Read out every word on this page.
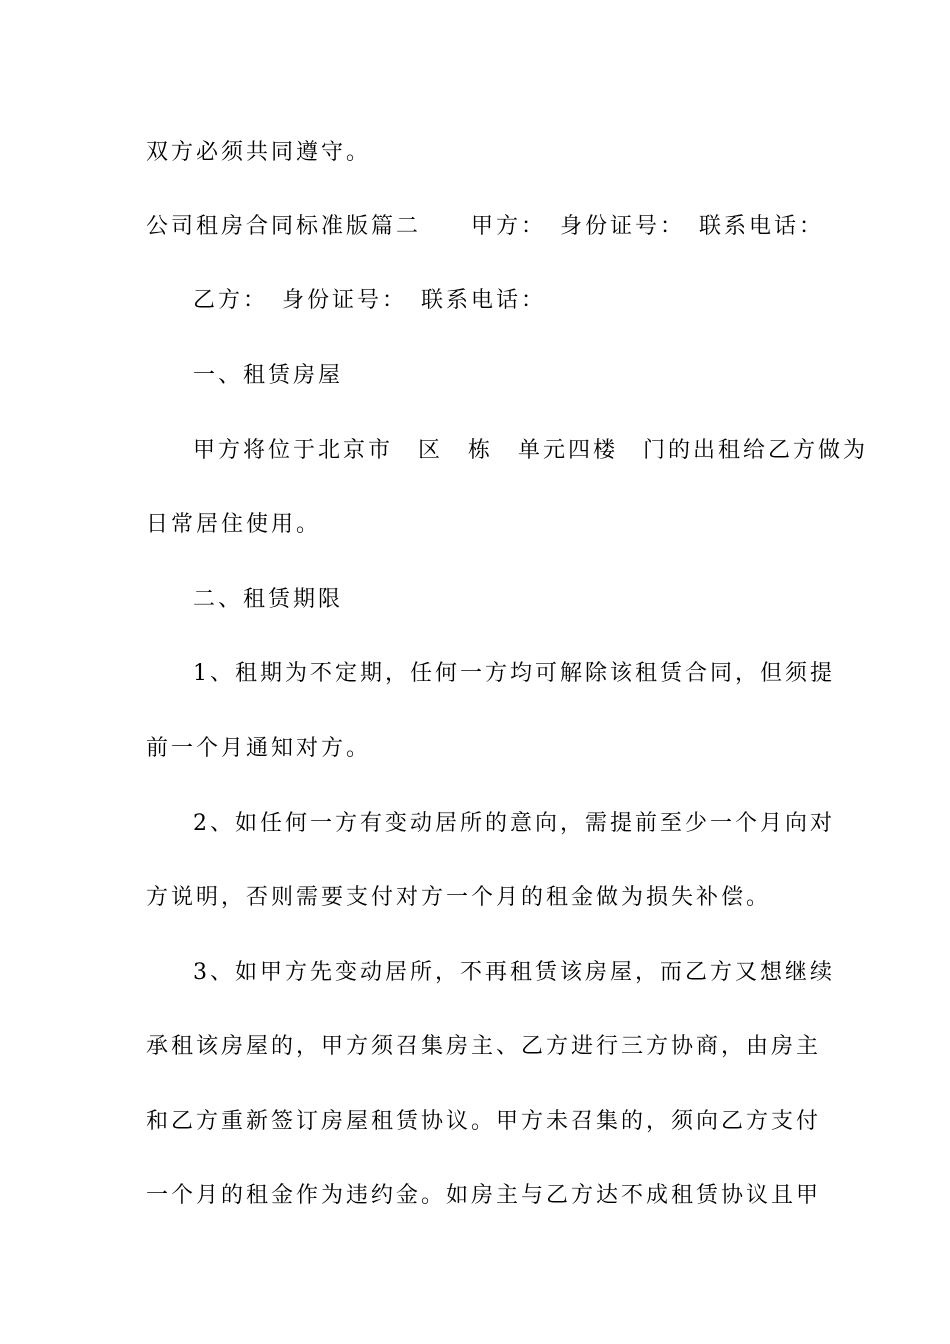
双方必须共同遵守。
公司租房合同标准版篇二　　甲方：　身份证号：　联系电话：
乙方：　身份证号：　联系电话：
一、租赁房屋
甲方将位于北京市　区　栋　单元四楼　门的出租给乙方做为
日常居住使用。
二、租赁期限
1、租期为不定期，任何一方均可解除该租赁合同，但须提
前一个月通知对方。
2、如任何一方有变动居所的意向，需提前至少一个月向对
方说明，否则需要支付对方一个月的租金做为损失补偿。
3、如甲方先变动居所，不再租赁该房屋，而乙方又想继续
承租该房屋的，甲方须召集房主、乙方进行三方协商，由房主
和乙方重新签订房屋租赁协议。甲方未召集的，须向乙方支付
一个月的租金作为违约金。如房主与乙方达不成租赁协议且甲
